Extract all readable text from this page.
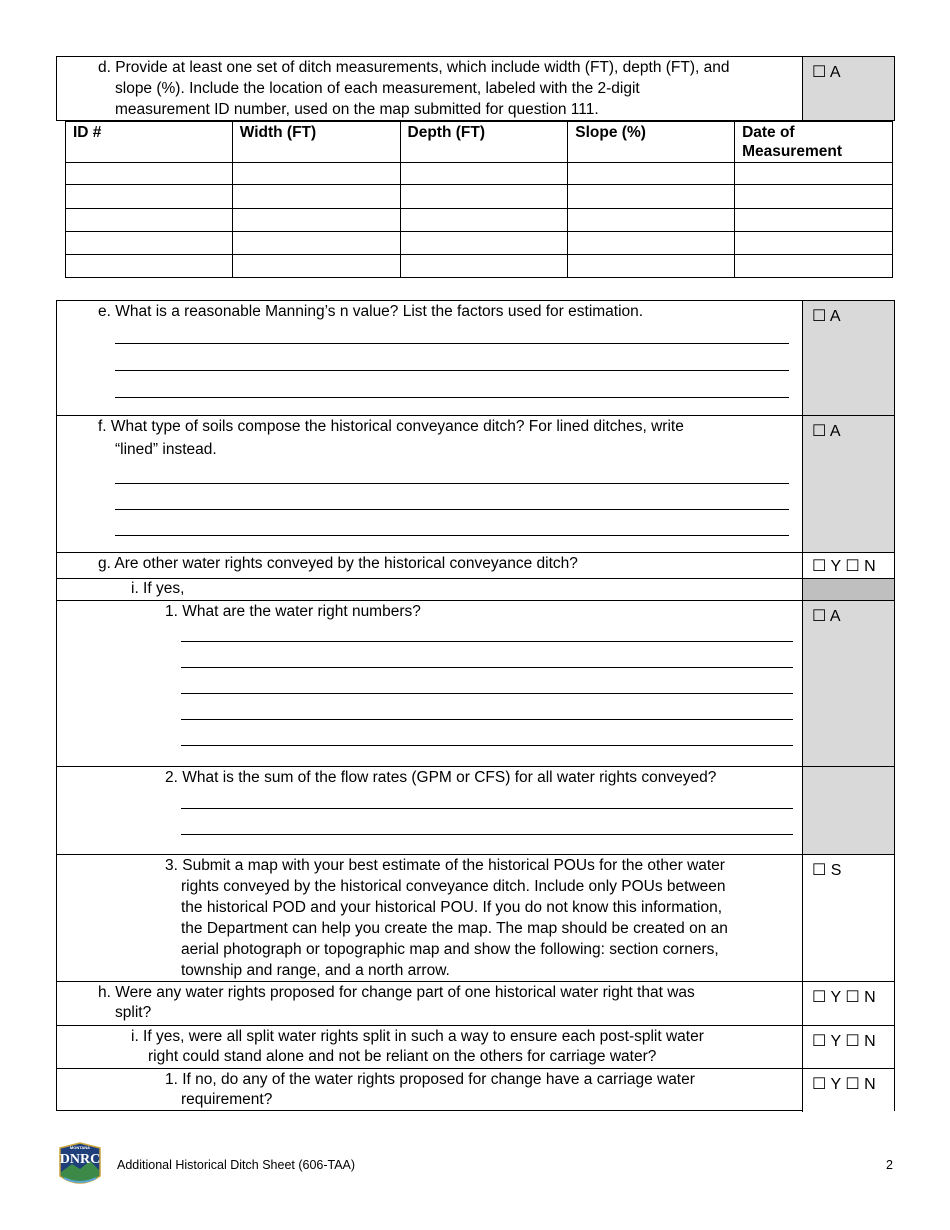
d. Provide at least one set of ditch measurements, which include width (FT), depth (FT), and
slope (%). Include the location of each measurement, labeled with the 2-digit
measurement ID number, used on the map submitted for question 111.
☐ A
ID #	Width (FT)	Depth (FT)	Slope (%)	Date of Measurement

e. What is a reasonable Manning’s n value? List the factors used for estimation.	☐ A
f. What type of soils compose the historical conveyance ditch? For lined ditches, write
“lined” instead.
☐ A
g. Are other water rights conveyed by the historical conveyance ditch?	☐ Y ☐ N
i. If yes,
1. What are the water right numbers?	☐ A
2. What is the sum of the flow rates (GPM or CFS) for all water rights conveyed?
3. Submit a map with your best estimate of the historical POUs for the other water
rights conveyed by the historical conveyance ditch. Include only POUs between
the historical POD and your historical POU. If you do not know this information,
the Department can help you create the map. The map should be created on an
aerial photograph or topographic map and show the following: section corners,
township and range, and a north arrow.
☐ S
h. Were any water rights proposed for change part of one historical water right that was
split?
☐ Y ☐ N
i. If yes, were all split water rights split in such a way to ensure each post-split water
right could stand alone and not be reliant on the others for carriage water?
☐ Y ☐ N
1. If no, do any of the water rights proposed for change have a carriage water
requirement?
☐ Y ☐ N
MONTANA
DNRC	Additional Historical Ditch Sheet (606-TAA)	2
